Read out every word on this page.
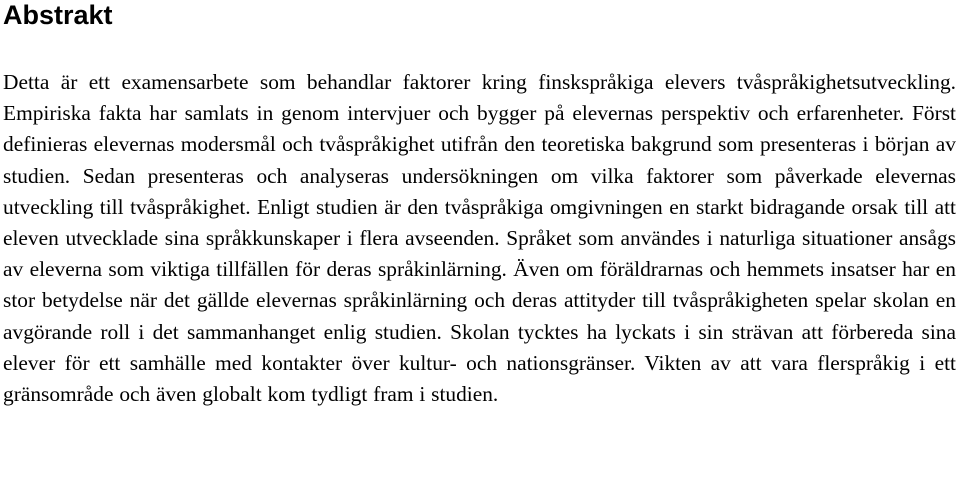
Abstrakt

Detta är ett examensarbete som behandlar faktorer kring finskspråkiga elevers tvåspråkighetsutveckling. Empiriska fakta har samlats in genom intervjuer och bygger på elevernas perspektiv och erfarenheter. Först definieras elevernas modersmål och tvåspråkighet utifrån den teoretiska bakgrund som presenteras i början av studien. Sedan presenteras och analyseras undersökningen om vilka faktorer som påverkade elevernas utveckling till tvåspråkighet. Enligt studien är den tvåspråkiga omgivningen en starkt bidragande orsak till att eleven utvecklade sina språkkunskaper i flera avseenden. Språket som användes i naturliga situationer ansågs av eleverna som viktiga tillfällen för deras språkinlärning. Även om föräldrarnas och hemmets insatser har en stor betydelse när det gällde elevernas språkinlärning och deras attityder till tvåspråkigheten spelar skolan en avgörande roll i det sammanhanget enlig studien. Skolan tycktes ha lyckats i sin strävan att förbereda sina elever för ett samhälle med kontakter över kultur- och nationsgränser. Vikten av att vara flerspråkig i ett gränsområde och även globalt kom tydligt fram i studien.
